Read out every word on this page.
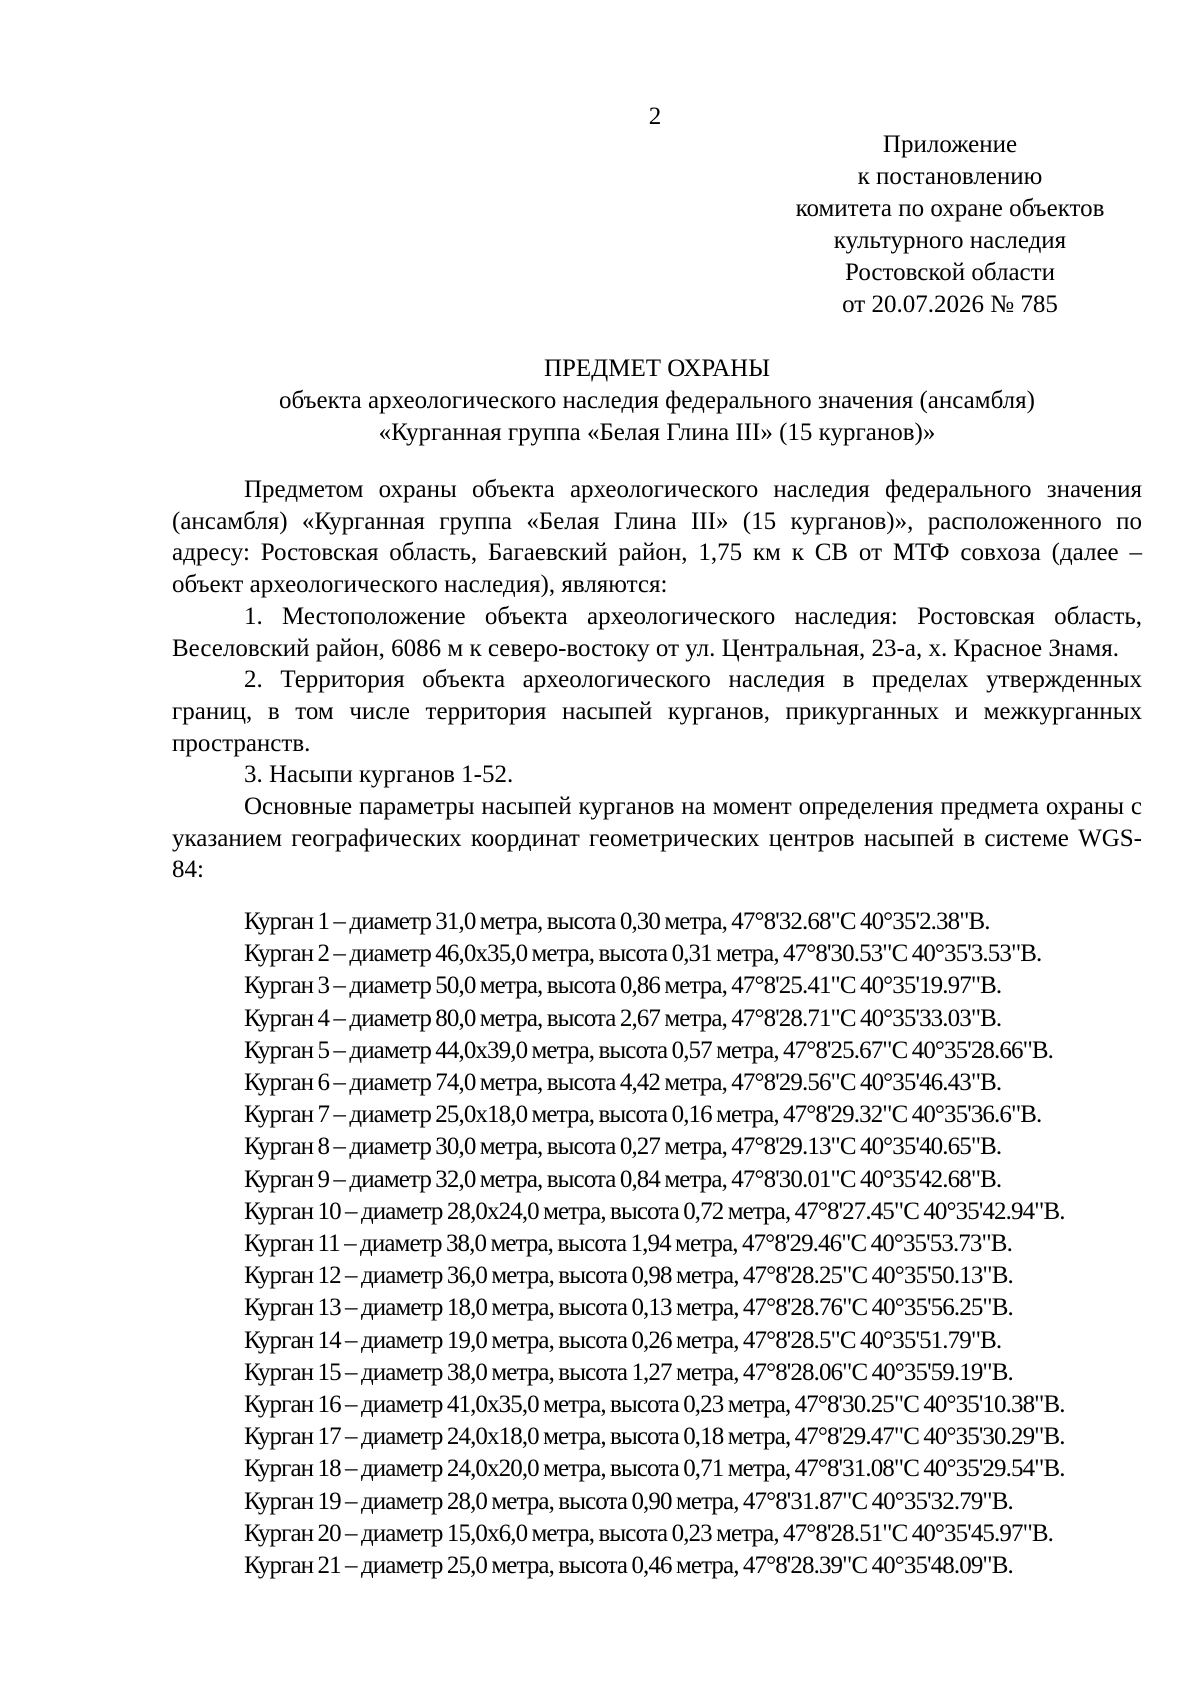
2
Приложение
к постановлению
комитета по охране объектов
культурного наследия
Ростовской области
от 20.07.2026 № 785
ПРЕДМЕТ ОХРАНЫ
объекта археологического наследия федерального значения (ансамбля)
«Курганная группа «Белая Глина III» (15 курганов)»

Предметом охраны объекта археологического наследия федерального значения (ансамбля) «Курганная группа «Белая Глина III» (15 курганов)», расположенного по адресу: Ростовская область, Багаевский район, 1,75 км к СВ от МТФ совхоза (далее – объект археологического наследия), являются:

1. Местоположение объекта археологического наследия: Ростовская область, Веселовский район, 6086 м к северо-востоку от ул. Центральная, 23-а, х. Красное Знамя.

2. Территория объекта археологического наследия в пределах утвержденных границ, в том числе территория насыпей курганов, прикурганных и межкурганных пространств.

3. Насыпи курганов 1-52.

Основные параметры насыпей курганов на момент определения предмета охраны с указанием географических координат геометрических центров насыпей в системе WGS-84:

Курган 1 – диаметр 31,0 метра, высота 0,30 метра, 47°8'32.68"С 40°35'2.38"В.
Курган 2 – диаметр 46,0x35,0 метра, высота 0,31 метра, 47°8'30.53"С 40°35'3.53"В.
Курган 3 – диаметр 50,0 метра, высота 0,86 метра, 47°8'25.41"С 40°35'19.97"В.
Курган 4 – диаметр 80,0 метра, высота 2,67 метра, 47°8'28.71"С 40°35'33.03"В.
Курган 5 – диаметр 44,0x39,0 метра, высота 0,57 метра, 47°8'25.67"С 40°35'28.66"В.
Курган 6 – диаметр 74,0 метра, высота 4,42 метра, 47°8'29.56"С 40°35'46.43"В.
Курган 7 – диаметр 25,0x18,0 метра, высота 0,16 метра, 47°8'29.32"С 40°35'36.6"В.
Курган 8 – диаметр 30,0 метра, высота 0,27 метра, 47°8'29.13"С 40°35'40.65"В.
Курган 9 – диаметр 32,0 метра, высота 0,84 метра, 47°8'30.01"С 40°35'42.68"В.
Курган 10 – диаметр 28,0x24,0 метра, высота 0,72 метра, 47°8'27.45"С 40°35'42.94"В.
Курган 11 – диаметр 38,0 метра, высота 1,94 метра, 47°8'29.46"С 40°35'53.73"В.
Курган 12 – диаметр 36,0 метра, высота 0,98 метра, 47°8'28.25"С 40°35'50.13"В.
Курган 13 – диаметр 18,0 метра, высота 0,13 метра, 47°8'28.76"С 40°35'56.25"В.
Курган 14 – диаметр 19,0 метра, высота 0,26 метра, 47°8'28.5"С 40°35'51.79"В.
Курган 15 – диаметр 38,0 метра, высота 1,27 метра, 47°8'28.06"С 40°35'59.19"В.
Курган 16 – диаметр 41,0x35,0 метра, высота 0,23 метра, 47°8'30.25"С 40°35'10.38"В.
Курган 17 – диаметр 24,0x18,0 метра, высота 0,18 метра, 47°8'29.47"С 40°35'30.29"В.
Курган 18 – диаметр 24,0x20,0 метра, высота 0,71 метра, 47°8'31.08"С 40°35'29.54"В.
Курган 19 – диаметр 28,0 метра, высота 0,90 метра, 47°8'31.87"С 40°35'32.79"В.
Курган 20 – диаметр 15,0x6,0 метра, высота 0,23 метра, 47°8'28.51"С 40°35'45.97"В.
Курган 21 – диаметр 25,0 метра, высота 0,46 метра, 47°8'28.39"С 40°35'48.09"В.
